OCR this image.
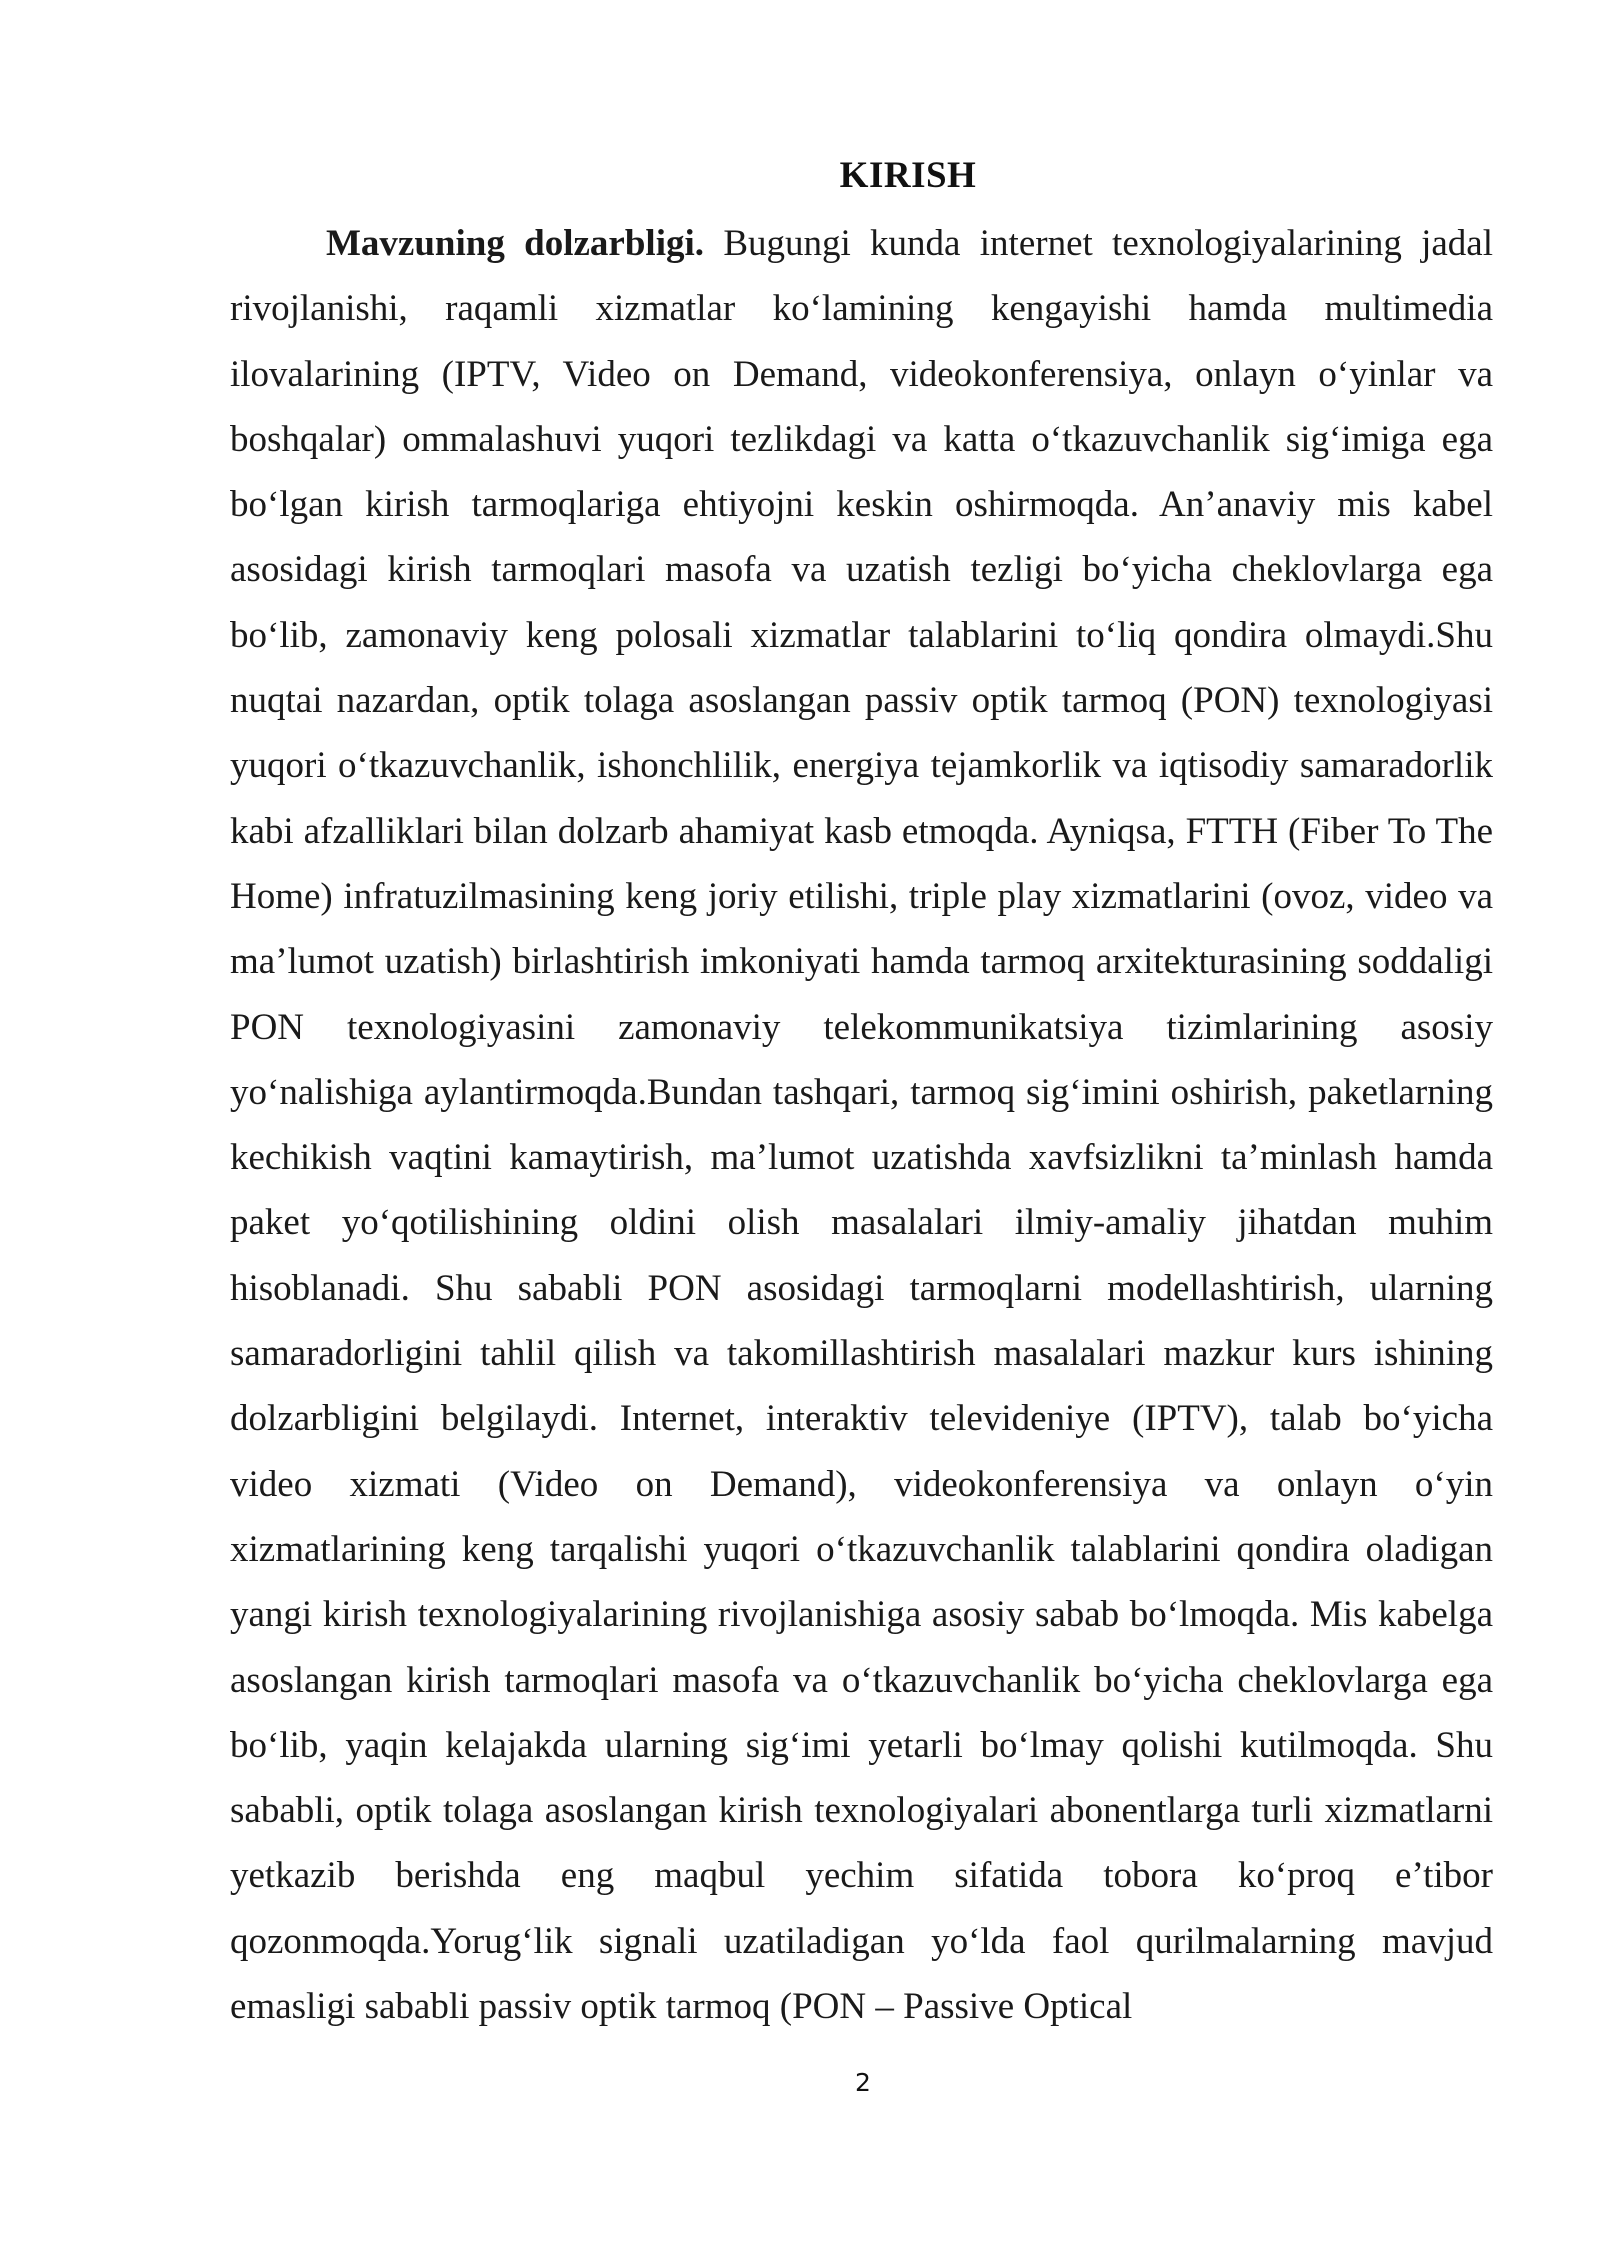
KIRISH

Mavzuning dolzarbligi. Bugungi kunda internet texnologiyalarining jadal rivojlanishi, raqamli xizmatlar ko‘lamining kengayishi hamda multimedia ilovalarining (IPTV, Video on Demand, videokonferensiya, onlayn o‘yinlar va boshqalar) ommalashuvi yuqori tezlikdagi va katta o‘tkazuvchanlik sig‘imiga ega bo‘lgan kirish tarmoqlariga ehtiyojni keskin oshirmoqda. An’anaviy mis kabel asosidagi kirish tarmoqlari masofa va uzatish tezligi bo‘yicha cheklovlarga ega bo‘lib, zamonaviy keng polosali xizmatlar talablarini to‘liq qondira olmaydi.Shu nuqtai nazardan, optik tolaga asoslangan passiv optik tarmoq (PON) texnologiyasi yuqori o‘tkazuvchanlik, ishonchlilik, energiya tejamkorlik va iqtisodiy samaradorlik kabi afzalliklari bilan dolzarb ahamiyat kasb etmoqda. Ayniqsa, FTTH (Fiber To The Home) infratuzilmasining keng joriy etilishi, triple play xizmatlarini (ovoz, video va ma’lumot uzatish) birlashtirish imkoniyati hamda tarmoq arxitekturasining soddaligi PON texnologiyasini zamonaviy telekommunikatsiya tizimlarining asosiy yo‘nalishiga aylantirmoqda.Bundan tashqari, tarmoq sig‘imini oshirish, paketlarning kechikish vaqtini kamaytirish, ma’lumot uzatishda xavfsizlikni ta’minlash hamda paket yo‘qotilishining oldini olish masalalari ilmiy-amaliy jihatdan muhim hisoblanadi. Shu sababli PON asosidagi tarmoqlarni modellashtirish, ularning samaradorligini tahlil qilish va takomillashtirish masalalari mazkur kurs ishining dolzarbligini belgilaydi. Internet, interaktiv televideniye (IPTV), talab bo‘yicha video xizmati (Video on Demand), videokonferensiya va onlayn o‘yin xizmatlarining keng tarqalishi yuqori o‘tkazuvchanlik talablarini qondira oladigan yangi kirish texnologiyalarining rivojlanishiga asosiy sabab bo‘lmoqda. Mis kabelga asoslangan kirish tarmoqlari masofa va o‘tkazuvchanlik bo‘yicha cheklovlarga ega bo‘lib, yaqin kelajakda ularning sig‘imi yetarli bo‘lmay qolishi kutilmoqda. Shu sababli, optik tolaga asoslangan kirish texnologiyalari abonentlarga turli xizmatlarni yetkazib berishda eng maqbul yechim sifatida tobora ko‘proq e’tibor qozonmoqda.Yorug‘lik signali uzatiladigan yo‘lda faol qurilmalarning mavjud emasligi sababli passiv optik tarmoq (PON – Passive Optical

2
